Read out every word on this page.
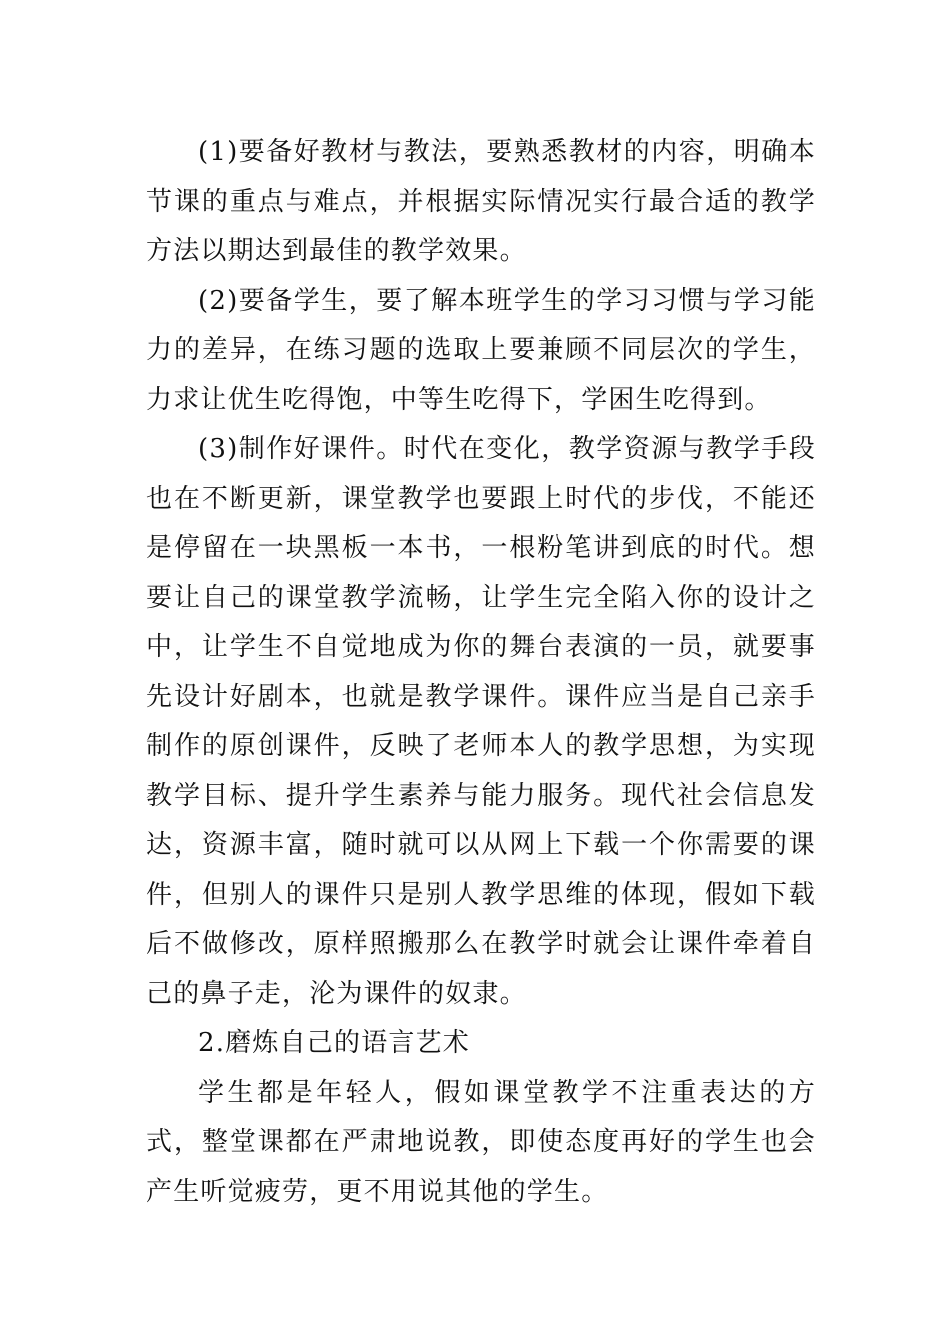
(1)要备好教材与教法，要熟悉教材的内容，明确本节课的重点与难点，并根据实际情况实行最合适的教学方法以期达到最佳的教学效果。

(2)要备学生，要了解本班学生的学习习惯与学习能力的差异，在练习题的选取上要兼顾不同层次的学生，力求让优生吃得饱，中等生吃得下，学困生吃得到。

(3)制作好课件。时代在变化，教学资源与教学手段也在不断更新，课堂教学也要跟上时代的步伐，不能还是停留在一块黑板一本书，一根粉笔讲到底的时代。想要让自己的课堂教学流畅，让学生完全陷入你的设计之中，让学生不自觉地成为你的舞台表演的一员，就要事先设计好剧本，也就是教学课件。课件应当是自己亲手制作的原创课件，反映了老师本人的教学思想，为实现教学目标、提升学生素养与能力服务。现代社会信息发达，资源丰富，随时就可以从网上下载一个你需要的课件，但别人的课件只是别人教学思维的体现，假如下载后不做修改，原样照搬那么在教学时就会让课件牵着自己的鼻子走，沦为课件的奴隶。

2.磨炼自己的语言艺术

学生都是年轻人，假如课堂教学不注重表达的方式，整堂课都在严肃地说教，即使态度再好的学生也会产生听觉疲劳，更不用说其他的学生。
